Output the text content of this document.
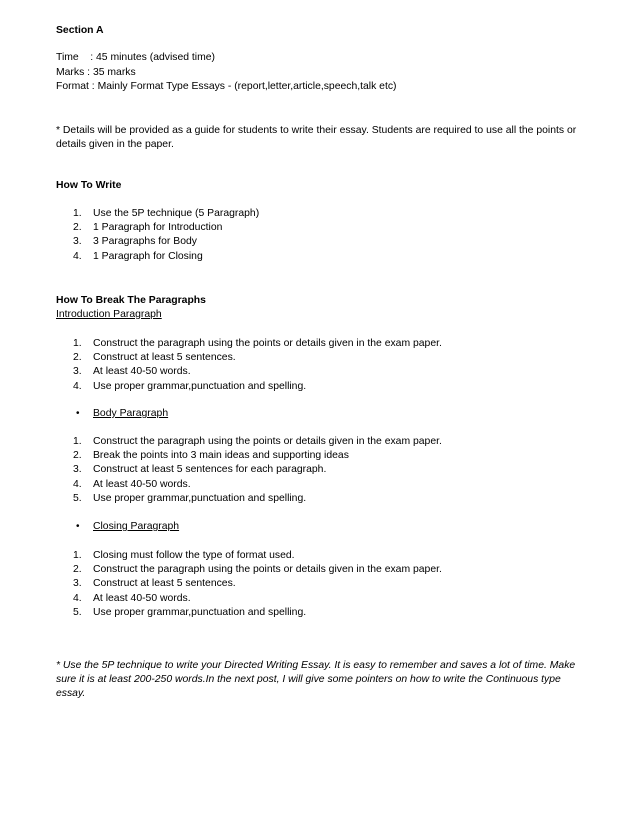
Section A
Time    : 45 minutes (advised time)
Marks : 35 marks
Format : Mainly Format Type Essays - (report,letter,article,speech,talk etc)
* Details will be provided as a guide for students to write their essay. Students are required to use all the points or details given in the paper.
How To Write
1.	Use the 5P technique (5 Paragraph)
2.	1 Paragraph for Introduction
3.	3 Paragraphs for Body
4.	1 Paragraph for Closing
How To Break The Paragraphs
Introduction Paragraph
1.	Construct the paragraph using the points or details given in the exam paper.
2.	Construct at least 5 sentences.
3.	At least 40-50 words.
4.	Use proper grammar,punctuation and spelling.
• Body Paragraph
1.	Construct the paragraph using the points or details given in the exam paper.
2.	Break the points into 3 main ideas and supporting ideas
3.	Construct at least 5 sentences for each paragraph.
4.	At least 40-50 words.
5.	Use proper grammar,punctuation and spelling.
• Closing Paragraph
1.	Closing must follow the type of format used.
2.	Construct the paragraph using the points or details given in the exam paper.
3.	Construct at least 5 sentences.
4.	At least 40-50 words.
5.	Use proper grammar,punctuation and spelling.
* Use the 5P technique to write your Directed Writing Essay. It is easy to remember and saves a lot of time. Make sure it is at least 200-250 words.In the next post, I will give some pointers on how to write the Continuous type essay.
